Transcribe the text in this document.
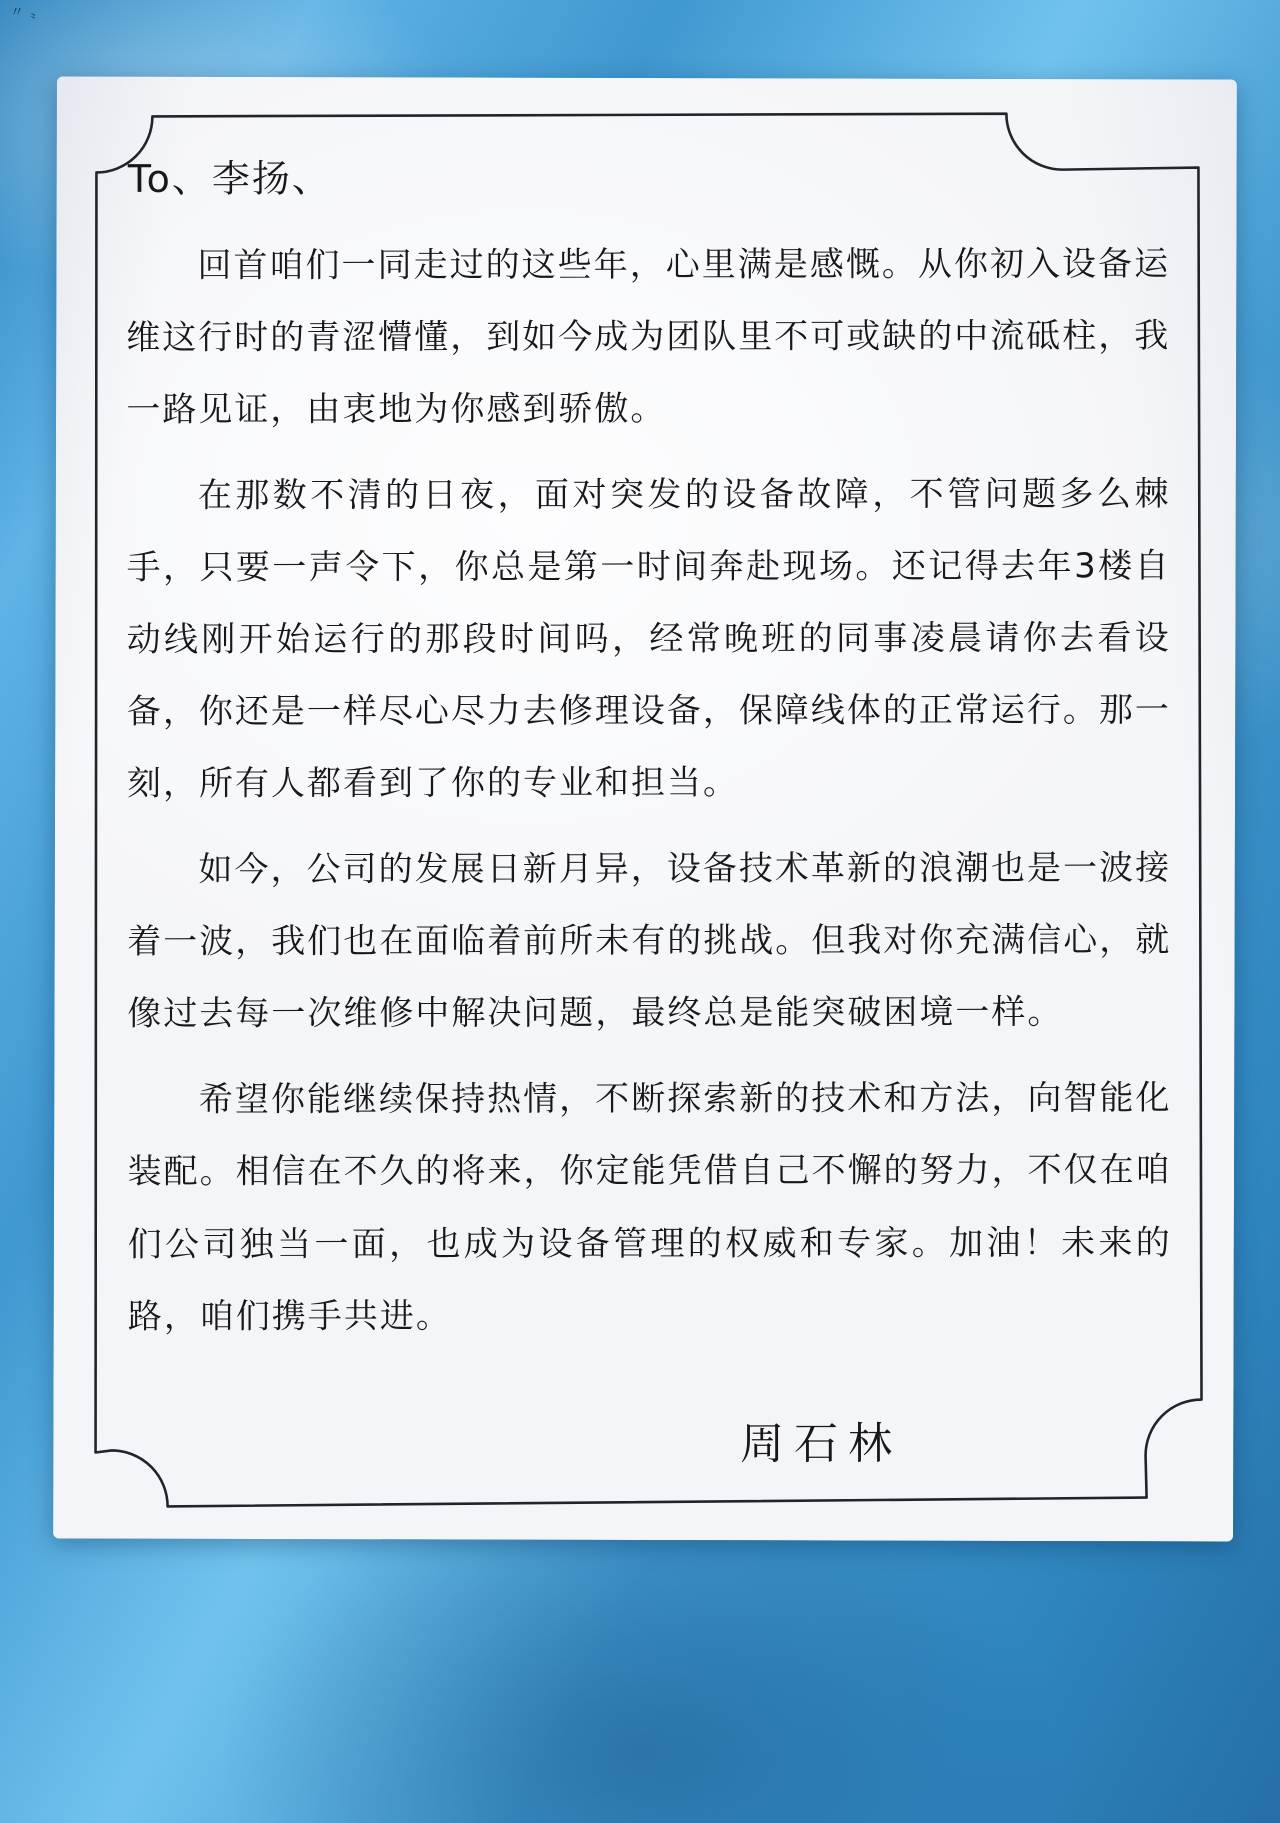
〃〟
To、李扬、

回首咱们一同走过的这些年，心里满是感慨。从你初入设备运维这行时的青涩懵懂，到如今成为团队里不可或缺的中流砥柱，我一路见证，由衷地为你感到骄傲。

在那数不清的日夜，面对突发的设备故障，不管问题多么棘手，只要一声令下，你总是第一时间奔赴现场。还记得去年3楼自动线刚开始运行的那段时间吗，经常晚班的同事凌晨请你去看设备，你还是一样尽心尽力去修理设备，保障线体的正常运行。那一刻，所有人都看到了你的专业和担当。

如今，公司的发展日新月异，设备技术革新的浪潮也是一波接着一波，我们也在面临着前所未有的挑战。但我对你充满信心，就像过去每一次维修中解决问题，最终总是能突破困境一样。

希望你能继续保持热情，不断探索新的技术和方法，向智能化装配。相信在不久的将来，你定能凭借自己不懈的努力，不仅在咱们公司独当一面，也成为设备管理的权威和专家。加油！未来的路，咱们携手共进。

周石林
